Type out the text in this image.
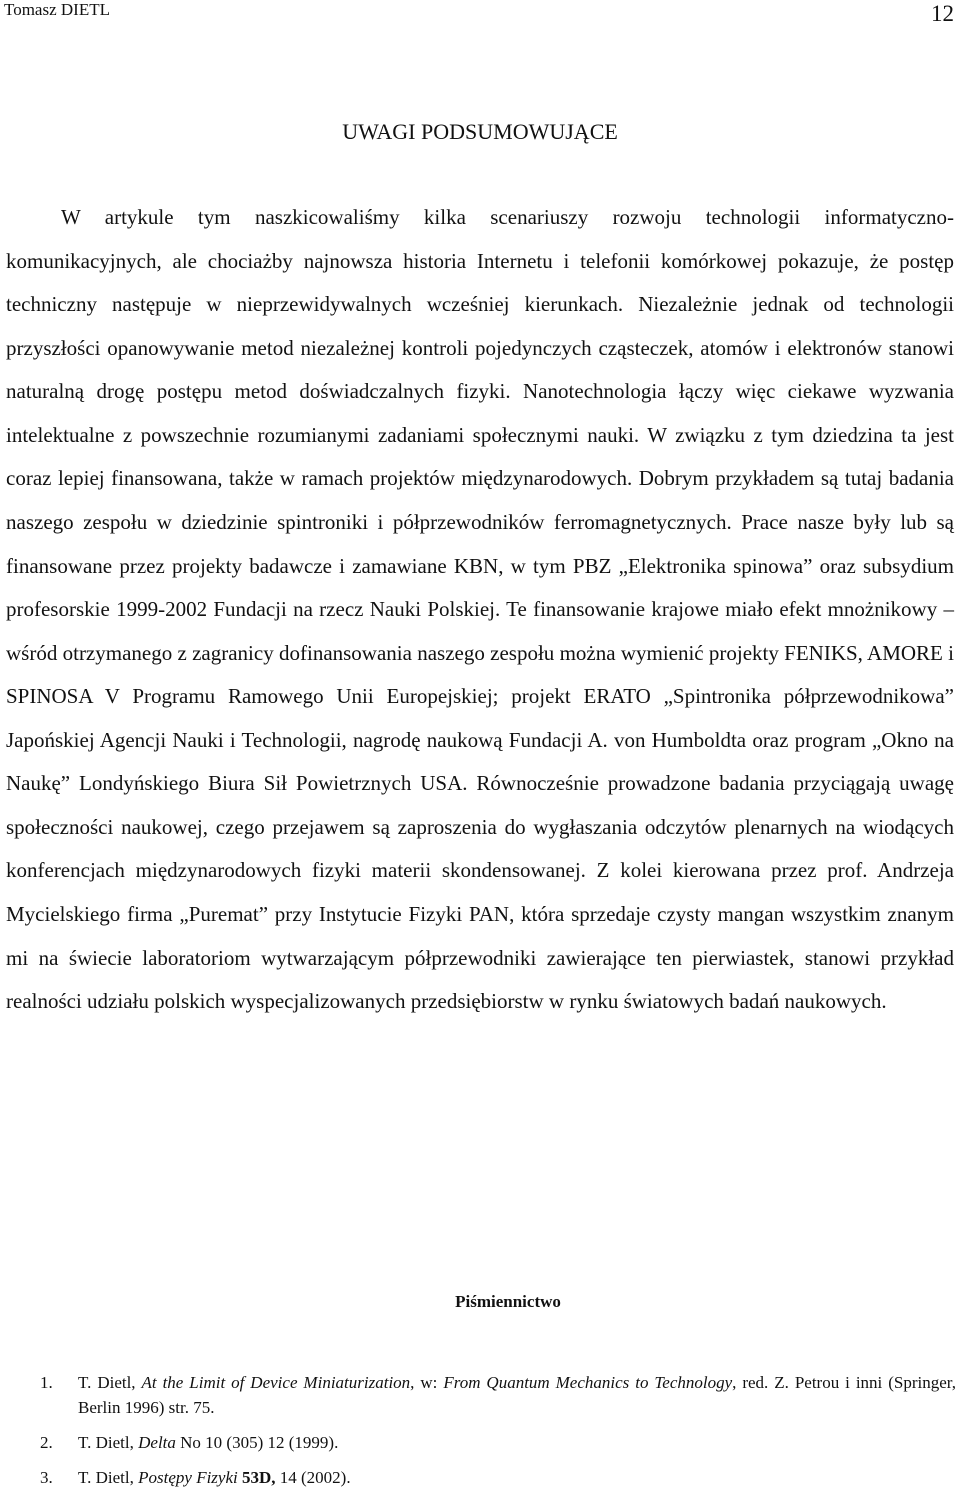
Tomasz DIETL	12
UWAGI PODSUMOWUJĄCE

W artykule tym naszkicowaliśmy kilka scenariuszy rozwoju technologii informatyczno-komunikacyjnych, ale chociażby najnowsza historia Internetu i telefonii komórkowej pokazuje, że postęp techniczny następuje w nieprzewidywalnych wcześniej kierunkach. Niezależnie jednak od technologii przyszłości opanowywanie metod niezależnej kontroli pojedynczych cząsteczek, atomów i elektronów stanowi naturalną drogę postępu metod doświadczalnych fizyki. Nanotechnologia łączy więc ciekawe wyzwania intelektualne z powszechnie rozumianymi zadaniami społecznymi nauki. W związku z tym dziedzina ta jest coraz lepiej finansowana, także w ramach projektów międzynarodowych. Dobrym przykładem są tutaj badania naszego zespołu w dziedzinie spintroniki i półprzewodników ferromagnetycznych. Prace nasze były lub są finansowane przez projekty badawcze i zamawiane KBN, w tym PBZ „Elektronika spinowa” oraz subsydium profesorskie 1999-2002 Fundacji na rzecz Nauki Polskiej. Te finansowanie krajowe miało efekt mnożnikowy – wśród otrzymanego z zagranicy dofinansowania naszego zespołu można wymienić projekty FENIKS, AMORE i SPINOSA V Programu Ramowego Unii Europejskiej; projekt ERATO „Spintronika półprzewodnikowa” Japońskiej Agencji Nauki i Technologii, nagrodę naukową Fundacji A. von Humboldta oraz program „Okno na Naukę” Londyńskiego Biura Sił Powietrznych USA. Równocześnie prowadzone badania przyciągają uwagę społeczności naukowej, czego przejawem są zaproszenia do wygłaszania odczytów plenarnych na wiodących konferencjach międzynarodowych fizyki materii skondensowanej. Z kolei kierowana przez prof. Andrzeja Mycielskiego firma „Puremat” przy Instytucie Fizyki PAN, która sprzedaje czysty mangan wszystkim znanym mi na świecie laboratoriom wytwarzającym półprzewodniki zawierające ten pierwiastek, stanowi przykład realności udziału polskich wyspecjalizowanych przedsiębiorstw w rynku światowych badań naukowych.

Piśmiennictwo
1. T. Dietl, At the Limit of Device Miniaturization, w: From Quantum Mechanics to Technology, red. Z. Petrou i inni (Springer, Berlin 1996) str. 75.
2. T. Dietl, Delta No 10 (305) 12 (1999).
3. T. Dietl, Postępy Fizyki 53D, 14 (2002).
